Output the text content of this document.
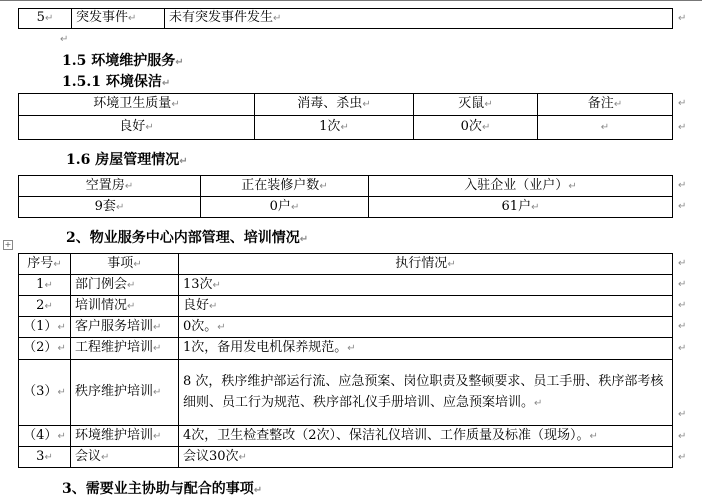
+
5↵	突发事件↵	未有突发事件发生↵	↵
↵

1.5 环境维护服务↵

1.5.1 环境保洁↵

环境卫生质量↵	消毒、杀虫↵	灭鼠↵	备注↵
良好↵	1次↵	0次↵	↵
↵
↵

1.6 房屋管理情况↵

空置房↵	正在装修户数↵	入驻企业（业户）↵
9套↵	0户↵	61户↵
↵
↵

2、物业服务中心内部管理、培训情况↵

序号↵	事项↵	执行情况↵
1↵	部门例会↵	13次↵
2↵	培训情况↵	良好↵
（1）↵	客户服务培训↵	0次。↵
（2）↵	工程维护培训↵	1次，备用发电机保养规范。↵
（3）↵	秩序维护培训↵	8 次，秩序维护部运行流、应急预案、岗位职责及整顿要求、员工手册、秩序部考核细则、员工行为规范、秩序部礼仪手册培训、应急预案培训。↵
（4）↵	环境维护培训↵	4次，卫生检查整改（2次）、保洁礼仪培训、工作质量及标准（现场）。↵
3↵	会议↵	会议30次↵
↵
↵
↵
↵
↵
↵
↵
↵

3、需要业主协助与配合的事项↵
